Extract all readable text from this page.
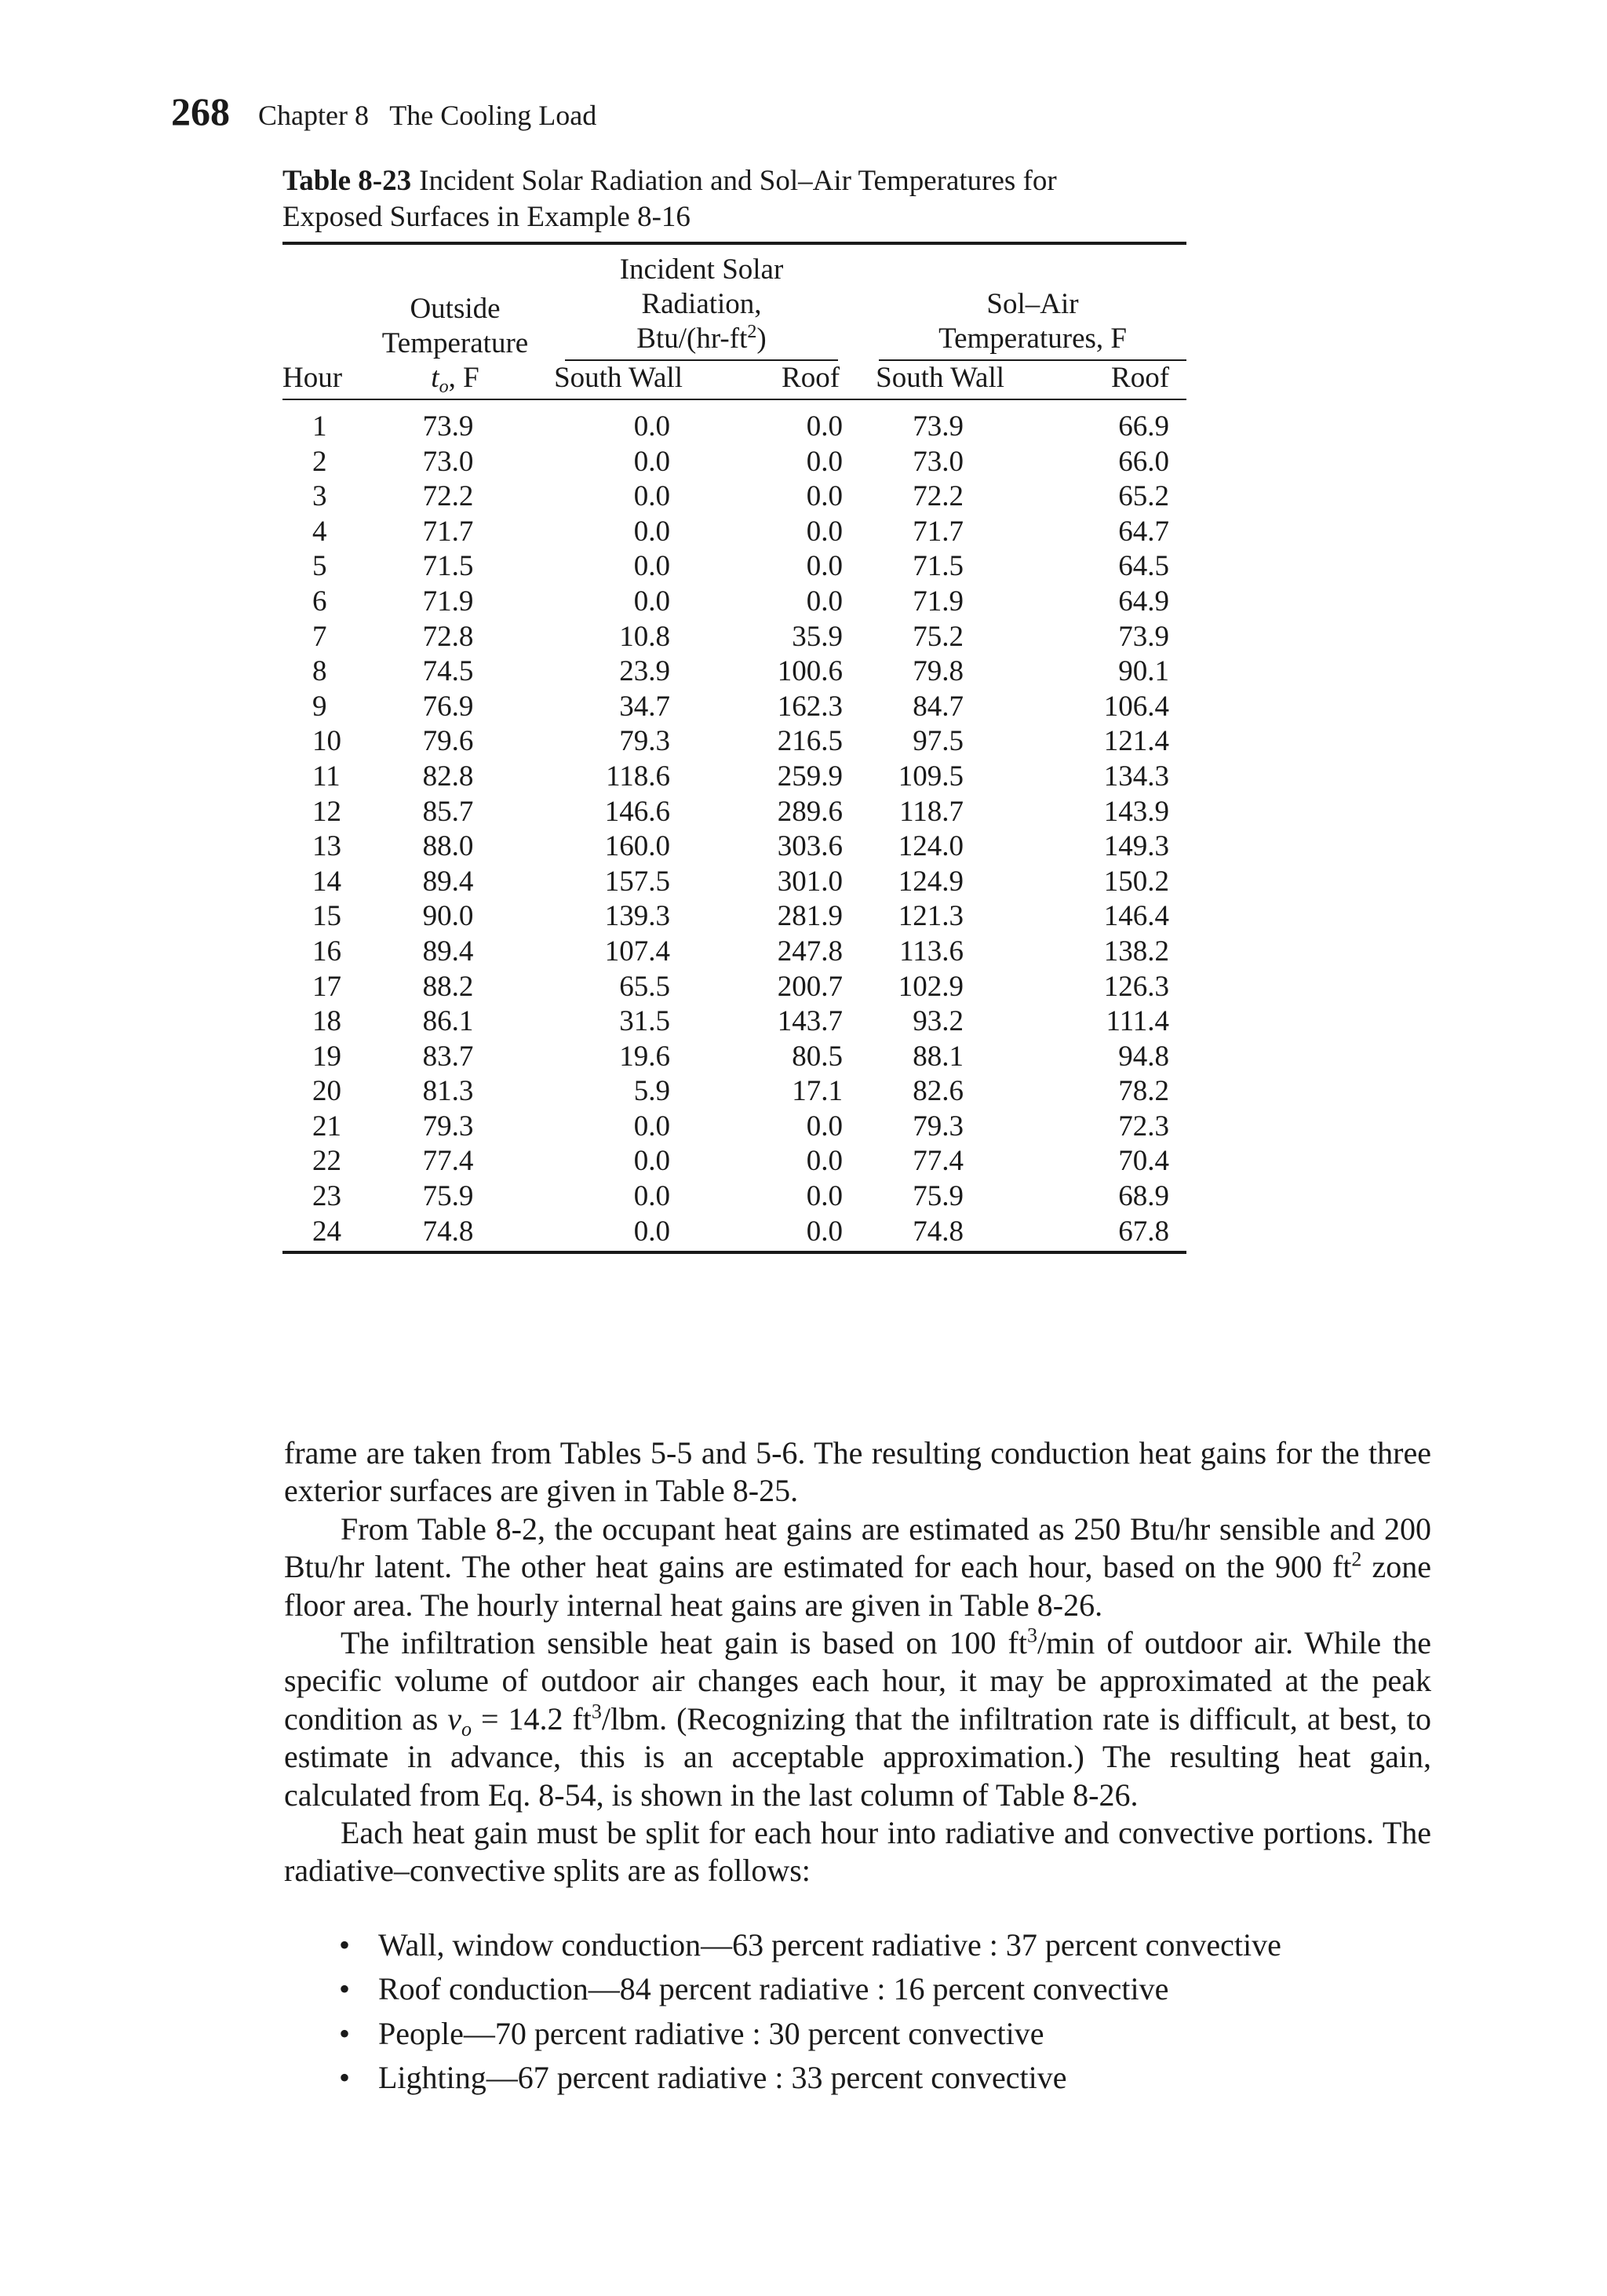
268 Chapter 8   The Cooling Load
Table 8-23 Incident Solar Radiation and Sol–Air Temperatures for
Exposed Surfaces in Example 8-16
	Outside
Temperature	Incident Solar
Radiation,
Btu/$(hr-ft^2)$		Sol–Air
Temperatures, F	

Hour	$t_o$, F	South Wall	Roof	South Wall	Roof
1	73.9	0.0	0.0	73.9	66.9
2	73.0	0.0	0.0	73.0	66.0
3	72.2	0.0	0.0	72.2	65.2
4	71.7	0.0	0.0	71.7	64.7
5	71.5	0.0	0.0	71.5	64.5
6	71.9	0.0	0.0	71.9	64.9
7	72.8	10.8	35.9	75.2	73.9
8	74.5	23.9	100.6	79.8	90.1
9	76.9	34.7	162.3	84.7	106.4
10	79.6	79.3	216.5	97.5	121.4
11	82.8	118.6	259.9	109.5	134.3
12	85.7	146.6	289.6	118.7	143.9
13	88.0	160.0	303.6	124.0	149.3
14	89.4	157.5	301.0	124.9	150.2
15	90.0	139.3	281.9	121.3	146.4
16	89.4	107.4	247.8	113.6	138.2
17	88.2	65.5	200.7	102.9	126.3
18	86.1	31.5	143.7	93.2	111.4
19	83.7	19.6	80.5	88.1	94.8
20	81.3	5.9	17.1	82.6	78.2
21	79.3	0.0	0.0	79.3	72.3
22	77.4	0.0	0.0	77.4	70.4
23	75.9	0.0	0.0	75.9	68.9
24	74.8	0.0	0.0	74.8	67.8

frame are taken from Tables 5-5 and 5-6. The resulting conduction heat gains for the three exterior surfaces are given in Table 8-25.

From Table 8-2, the occupant heat gains are estimated as 250 Btu/hr sensible and 200 Btu/hr latent. The other heat gains are estimated for each hour, based on the 900 $ft^2$ zone floor area. The hourly internal heat gains are given in Table 8-26.

The infiltration sensible heat gain is based on 100 $ft^3/\min$ of outdoor air. While the specific volume of outdoor air changes each hour, it may be approximated at the peak condition as $v_o = 14.2$ $ft^3$/lbm. (Recognizing that the infiltration rate is difficult, at best, to estimate in advance, this is an acceptable approximation.) The resulting heat gain, calculated from Eq. 8-54, is shown in the last column of Table 8-26.

Each heat gain must be split for each hour into radiative and convective portions. The radiative–convective splits are as follows:

• Wall, window conduction—63 percent radiative : 37 percent convective
• Roof conduction—84 percent radiative : 16 percent convective
• People—70 percent radiative : 30 percent convective
• Lighting—67 percent radiative : 33 percent convective
